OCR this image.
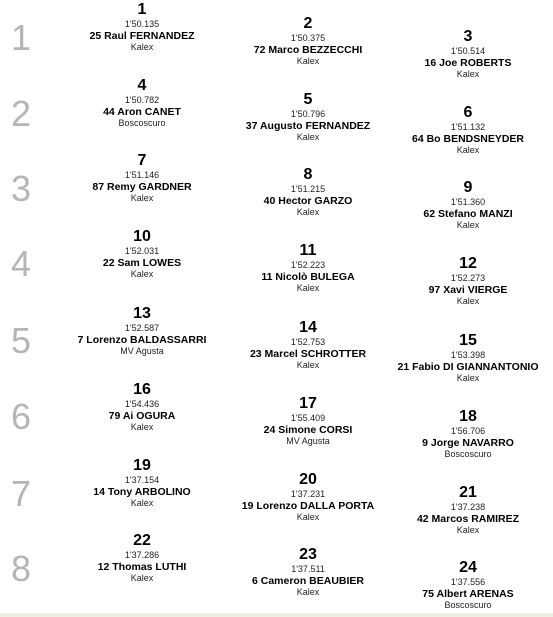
1
2
3
4
5
6
7
8
1
1'50.135
25 Raul FERNANDEZ
Kalex
2
1'50.375
72 Marco BEZZECCHI
Kalex
3
1'50.514
16 Joe ROBERTS
Kalex
4
1'50.782
44 Aron CANET
Boscoscuro
5
1'50.796
37 Augusto FERNANDEZ
Kalex
6
1'51.132
64 Bo BENDSNEYDER
Kalex
7
1'51.146
87 Remy GARDNER
Kalex
8
1'51.215
40 Hector GARZO
Kalex
9
1'51.360
62 Stefano MANZI
Kalex
10
1'52.031
22 Sam LOWES
Kalex
11
1'52.223
11 Nicolò BULEGA
Kalex
12
1'52.273
97 Xavi VIERGE
Kalex
13
1'52.587
7 Lorenzo BALDASSARRI
MV Agusta
14
1'52.753
23 Marcel SCHROTTER
Kalex
15
1'53.398
21 Fabio DI GIANNANTONIO
Kalex
16
1'54.436
79 Ai OGURA
Kalex
17
1'55.409
24 Simone CORSI
MV Agusta
18
1'56.706
9 Jorge NAVARRO
Boscoscuro
19
1'37.154
14 Tony ARBOLINO
Kalex
20
1'37.231
19 Lorenzo DALLA PORTA
Kalex
21
1'37.238
42 Marcos RAMIREZ
Kalex
22
1'37.286
12 Thomas LUTHI
Kalex
23
1'37.511
6 Cameron BEAUBIER
Kalex
24
1'37.556
75 Albert ARENAS
Boscoscuro
